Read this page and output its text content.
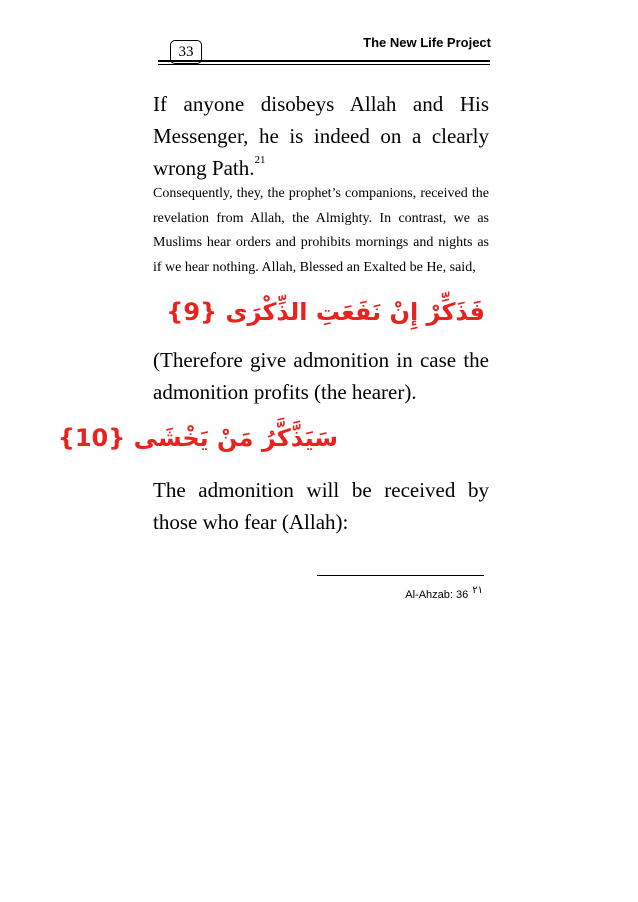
33
The New Life Project
If anyone disobeys Allah and His Messenger, he is indeed on a clearly wrong Path.$^{21}$
Consequently, they, the prophet’s companions, received the revelation from Allah, the Almighty. In contrast, we as Muslims hear orders and prohibits mornings and nights as if we hear nothing. Allah, Blessed an Exalted be He, said,
فَذَكِّرْ إِنْ نَفَعَتِ الذِّكْرَى {9}
(Therefore give admonition in case the admonition profits (the hearer).
سَيَذَّكَّرُ مَنْ يَخْشَى {10}
The admonition will be received by those who fear (Allah):
Al-Ahzab: 36 ٢١
